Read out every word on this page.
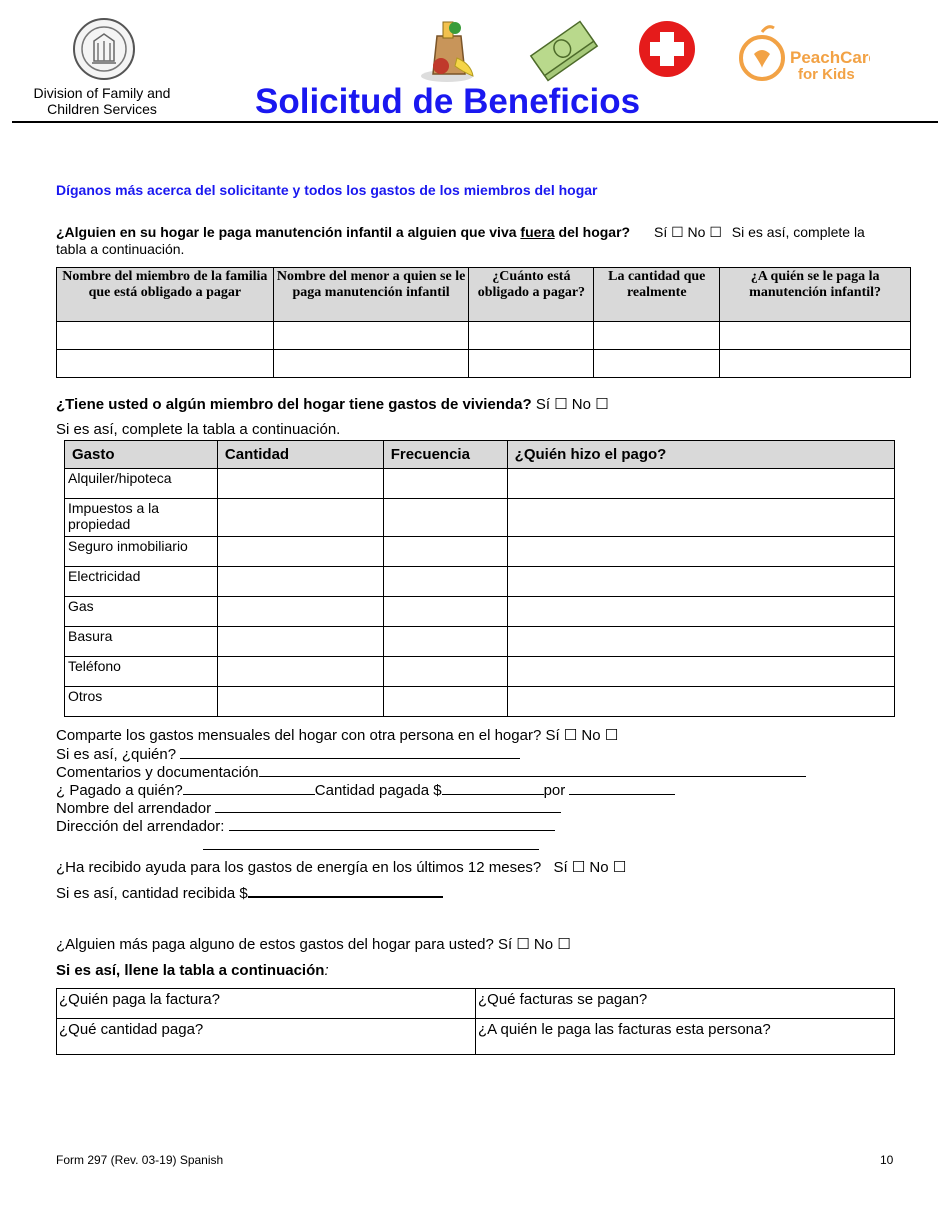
Division of Family and
Children Services
PeachCare
for Kids
Solicitud de Beneficios
Díganos más acerca del solicitante y todos los gastos de los miembros del hogar
¿Alguien en su hogar le paga manutención infantil a alguien que viva fuera del hogar? Sí ☐ No ☐ Si es así, complete la tabla a continuación.
Nombre del miembro de la familia que está obligado a pagar	Nombre del menor a quien se le paga manutención infantil	¿Cuánto está obligado a pagar?	La cantidad que realmente	¿A quién se le paga la manutención infantil?

¿Tiene usted o algún miembro del hogar tiene gastos de vivienda? Sí ☐ No ☐
Si es así, complete la tabla a continuación.
Gasto	Cantidad	Frecuencia	¿Quién hizo el pago?
Alquiler/hipoteca			
Impuestos a la propiedad			
Seguro inmobiliario			
Electricidad			
Gas			
Basura			
Teléfono			
Otros			
Comparte los gastos mensuales del hogar con otra persona en el hogar? Sí ☐ No ☐
Si es así, ¿quién?
Comentarios y documentación
¿ Pagado a quién?	Cantidad pagada $	por
Nombre del arrendador
Dirección del arrendador:
¿Ha recibido ayuda para los gastos de energía en los últimos 12 meses? Sí ☐ No ☐
Si es así, cantidad recibida $
¿Alguien más paga alguno de estos gastos del hogar para usted? Sí ☐ No ☐
Si es así, llene la tabla a continuación:
¿Quién paga la factura?	¿Qué facturas se pagan?
¿Qué cantidad paga?	¿A quién le paga las facturas esta persona?
Form 297 (Rev. 03-19) Spanish	10
